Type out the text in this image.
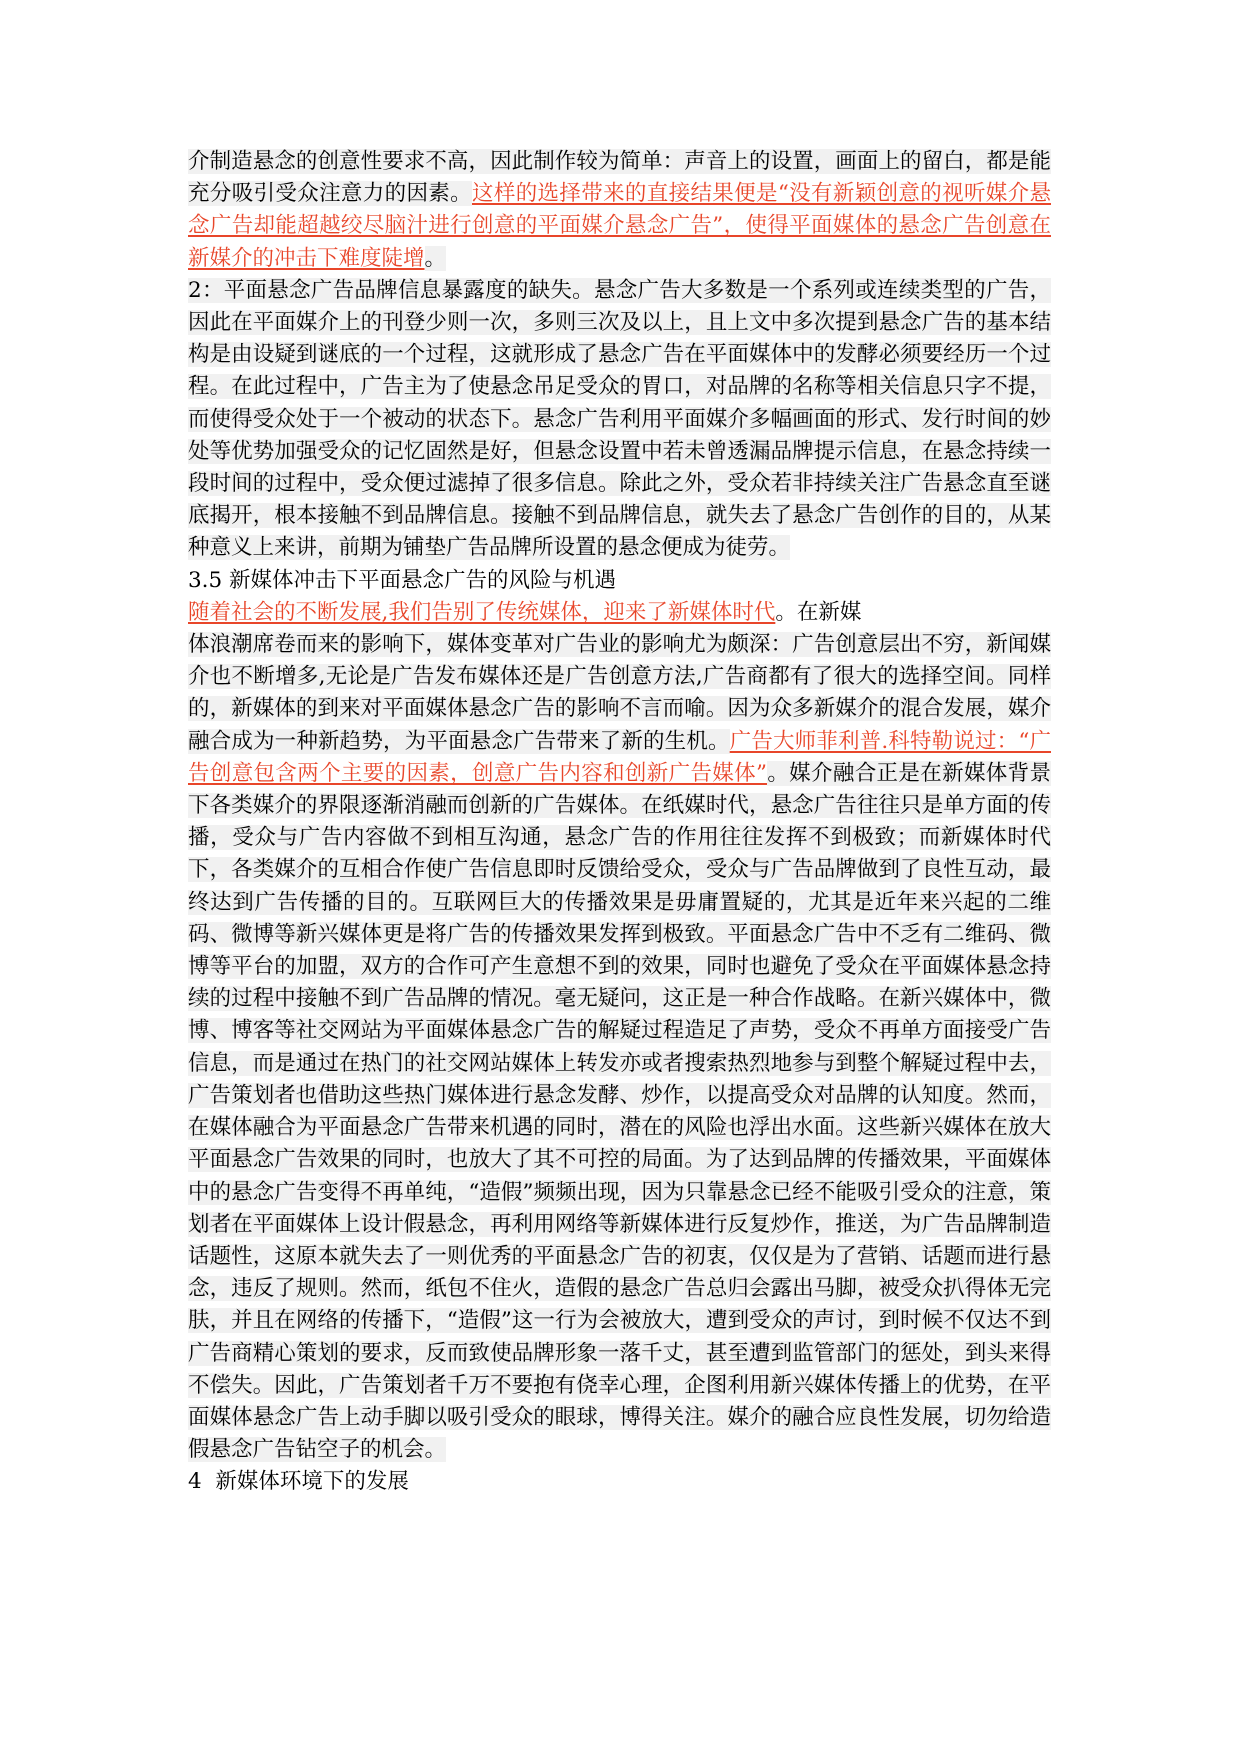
介制造悬念的创意性要求不高，因此制作较为简单：声音上的设置，画面上的留白，都是能充分吸引受众注意力的因素。这样的选择带来的直接结果便是“没有新颖创意的视听媒介悬念广告却能超越绞尽脑汁进行创意的平面媒介悬念广告”，使得平面媒体的悬念广告创意在新媒介的冲击下难度陡增。

2：平面悬念广告品牌信息暴露度的缺失。悬念广告大多数是一个系列或连续类型的广告，因此在平面媒介上的刊登少则一次，多则三次及以上，且上文中多次提到悬念广告的基本结构是由设疑到谜底的一个过程，这就形成了悬念广告在平面媒体中的发酵必须要经历一个过程。在此过程中，广告主为了使悬念吊足受众的胃口，对品牌的名称等相关信息只字不提，而使得受众处于一个被动的状态下。悬念广告利用平面媒介多幅画面的形式、发行时间的妙处等优势加强受众的记忆固然是好，但悬念设置中若未曾透漏品牌提示信息，在悬念持续一段时间的过程中，受众便过滤掉了很多信息。除此之外，受众若非持续关注广告悬念直至谜底揭开，根本接触不到品牌信息。接触不到品牌信息，就失去了悬念广告创作的目的，从某种意义上来讲，前期为铺垫广告品牌所设置的悬念便成为徒劳。

3.5 新媒体冲击下平面悬念广告的风险与机遇

随着社会的不断发展,我们告别了传统媒体，迎来了新媒体时代。在新媒

体浪潮席卷而来的影响下，媒体变革对广告业的影响尤为颇深：广告创意层出不穷，新闻媒介也不断增多,无论是广告发布媒体还是广告创意方法,广告商都有了很大的选择空间。同样的，新媒体的到来对平面媒体悬念广告的影响不言而喻。因为众多新媒介的混合发展，媒介融合成为一种新趋势，为平面悬念广告带来了新的生机。广告大师菲利普.科特勒说过：“广告创意包含两个主要的因素，创意广告内容和创新广告媒体”。媒介融合正是在新媒体背景下各类媒介的界限逐渐消融而创新的广告媒体。在纸媒时代，悬念广告往往只是单方面的传播，受众与广告内容做不到相互沟通，悬念广告的作用往往发挥不到极致；而新媒体时代下，各类媒介的互相合作使广告信息即时反馈给受众，受众与广告品牌做到了良性互动，最终达到广告传播的目的。互联网巨大的传播效果是毋庸置疑的，尤其是近年来兴起的二维码、微博等新兴媒体更是将广告的传播效果发挥到极致。平面悬念广告中不乏有二维码、微博等平台的加盟，双方的合作可产生意想不到的效果，同时也避免了受众在平面媒体悬念持续的过程中接触不到广告品牌的情况。毫无疑问，这正是一种合作战略。在新兴媒体中，微博、博客等社交网站为平面媒体悬念广告的解疑过程造足了声势，受众不再单方面接受广告信息，而是通过在热门的社交网站媒体上转发亦或者搜索热烈地参与到整个解疑过程中去，广告策划者也借助这些热门媒体进行悬念发酵、炒作，以提高受众对品牌的认知度。然而，在媒体融合为平面悬念广告带来机遇的同时，潜在的风险也浮出水面。这些新兴媒体在放大平面悬念广告效果的同时，也放大了其不可控的局面。为了达到品牌的传播效果，平面媒体中的悬念广告变得不再单纯，“造假”频频出现，因为只靠悬念已经不能吸引受众的注意，策划者在平面媒体上设计假悬念，再利用网络等新媒体进行反复炒作，推送，为广告品牌制造话题性，这原本就失去了一则优秀的平面悬念广告的初衷，仅仅是为了营销、话题而进行悬念，违反了规则。然而，纸包不住火，造假的悬念广告总归会露出马脚，被受众扒得体无完肤，并且在网络的传播下，“造假”这一行为会被放大，遭到受众的声讨，到时候不仅达不到广告商精心策划的要求，反而致使品牌形象一落千丈，甚至遭到监管部门的惩处，到头来得不偿失。因此，广告策划者千万不要抱有侥幸心理，企图利用新兴媒体传播上的优势，在平面媒体悬念广告上动手脚以吸引受众的眼球，博得关注。媒介的融合应良性发展，切勿给造假悬念广告钻空子的机会。

4  新媒体环境下的发展
